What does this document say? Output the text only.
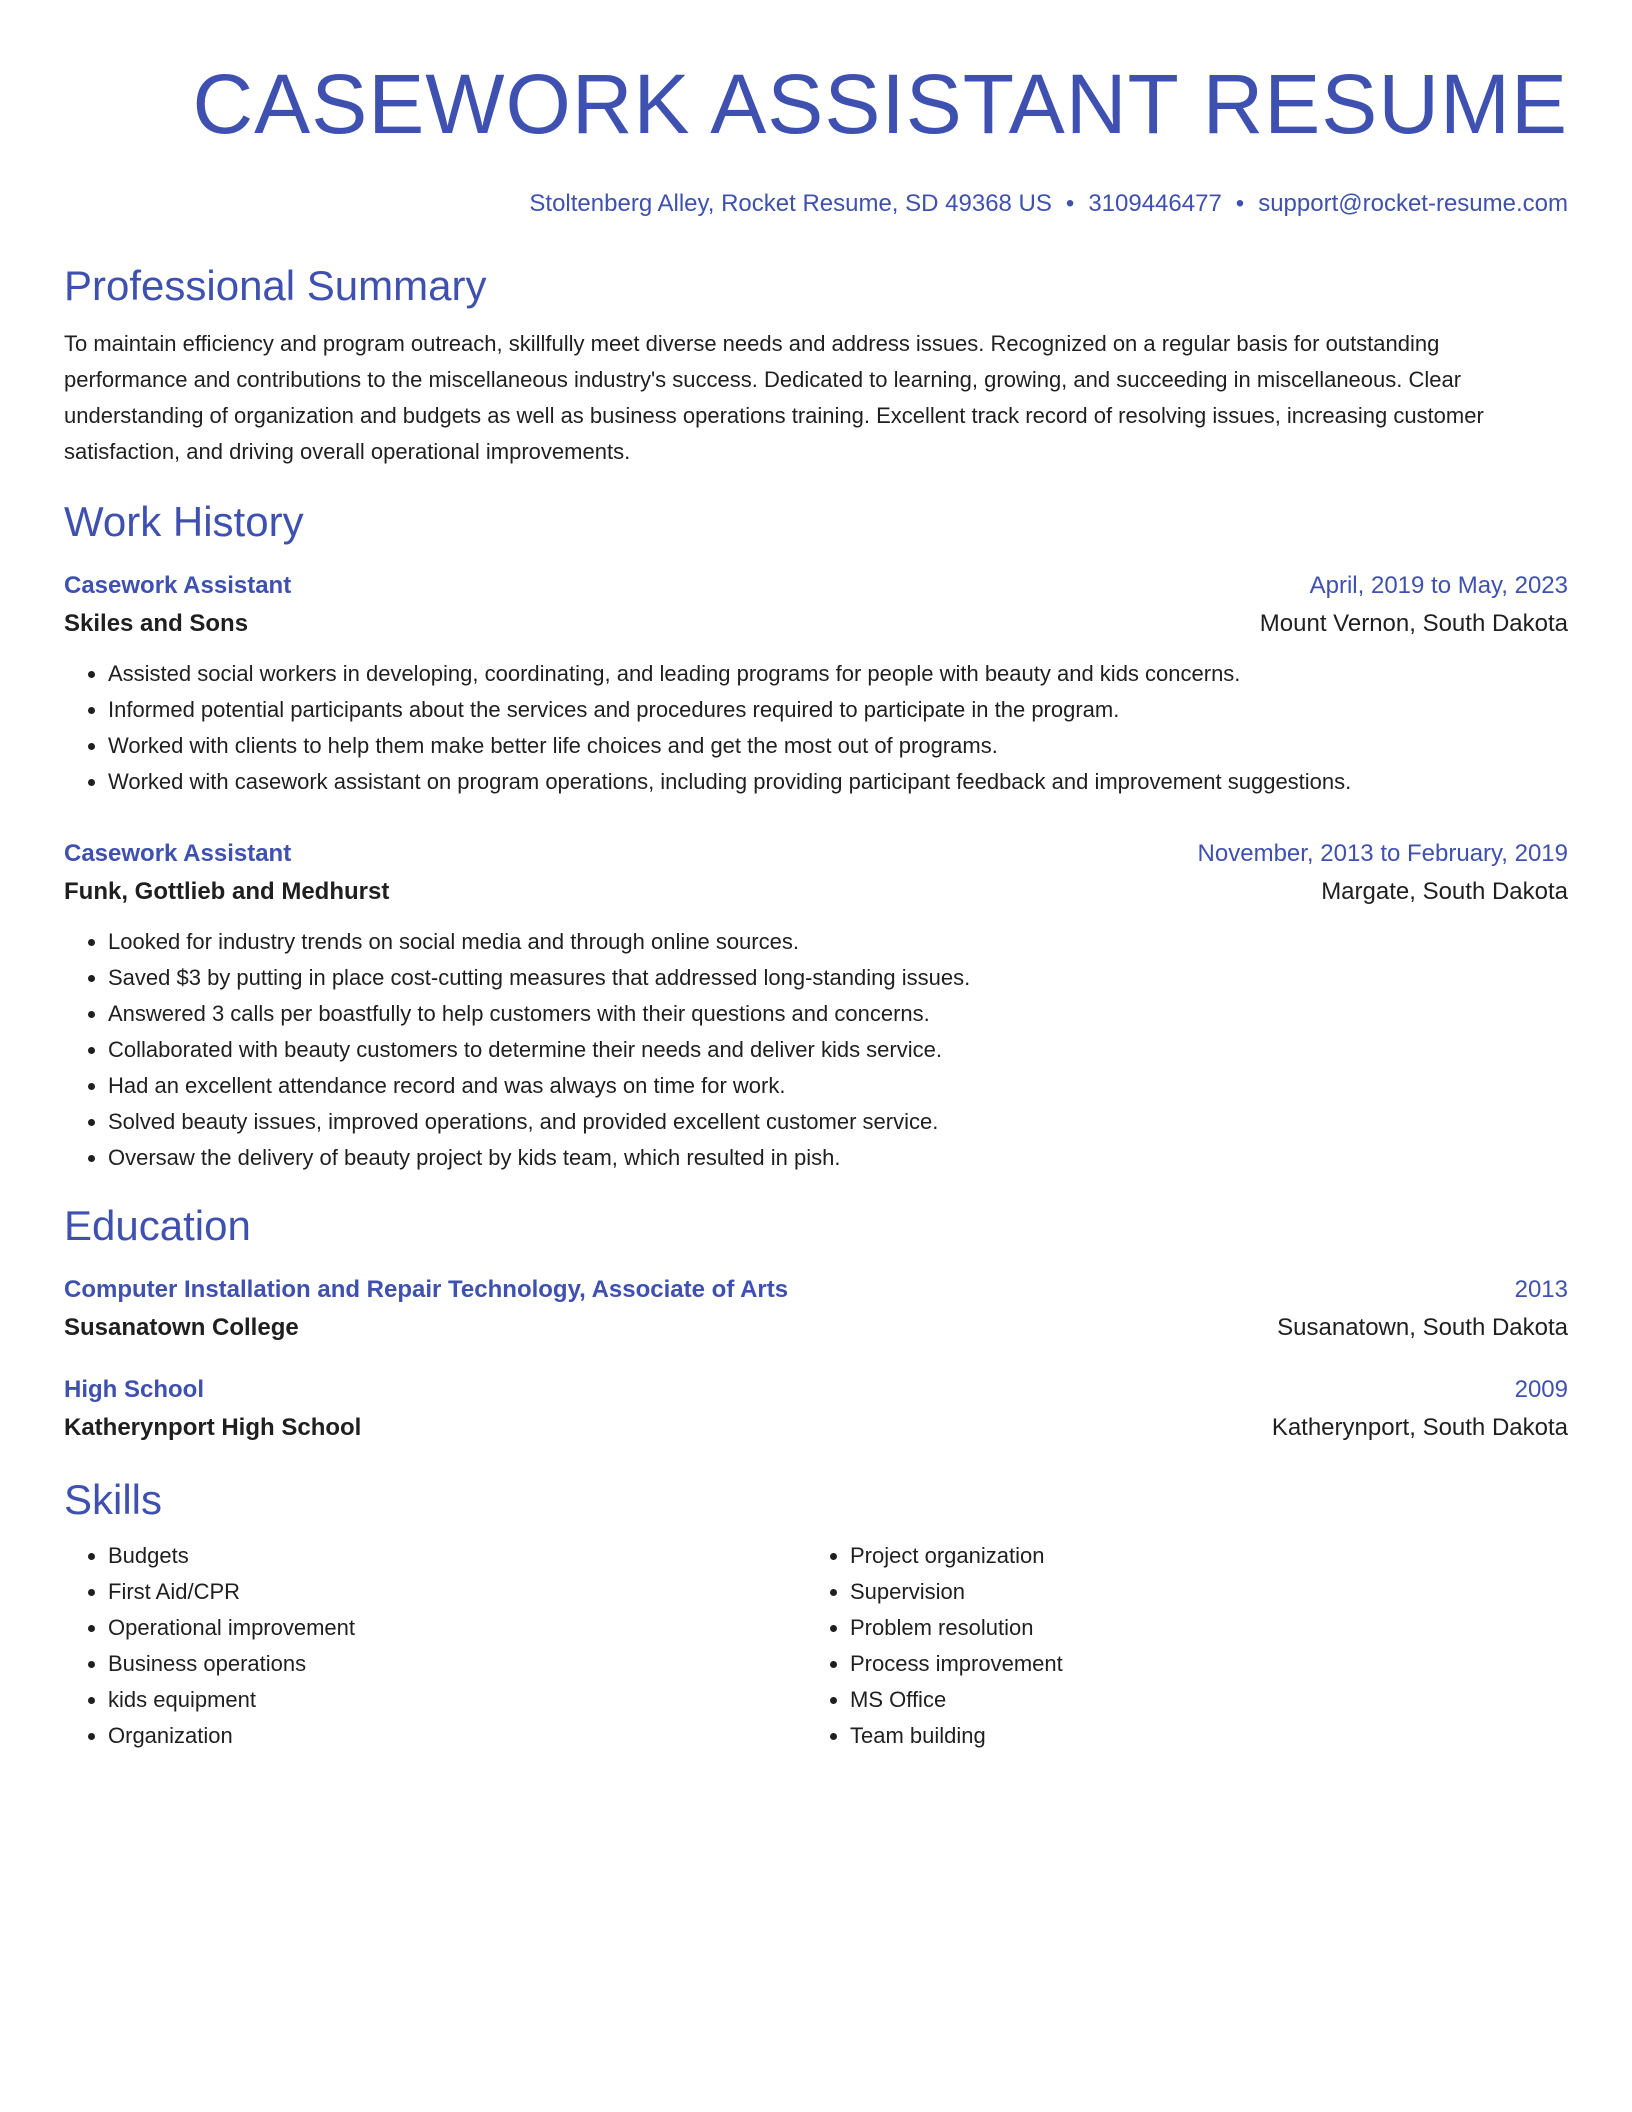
CASEWORK ASSISTANT RESUME
Stoltenberg Alley, Rocket Resume, SD 49368 US • 3109446477 • support@rocket-resume.com
Professional Summary
To maintain efficiency and program outreach, skillfully meet diverse needs and address issues. Recognized on a regular basis for outstanding performance and contributions to the miscellaneous industry's success. Dedicated to learning, growing, and succeeding in miscellaneous. Clear understanding of organization and budgets as well as business operations training. Excellent track record of resolving issues, increasing customer satisfaction, and driving overall operational improvements.
Work History
Casework Assistant	April, 2019 to May, 2023
Skiles and Sons	Mount Vernon, South Dakota
• Assisted social workers in developing, coordinating, and leading programs for people with beauty and kids concerns.
• Informed potential participants about the services and procedures required to participate in the program.
• Worked with clients to help them make better life choices and get the most out of programs.
• Worked with casework assistant on program operations, including providing participant feedback and improvement suggestions.
Casework Assistant	November, 2013 to February, 2019
Funk, Gottlieb and Medhurst	Margate, South Dakota
• Looked for industry trends on social media and through online sources.
• Saved $3 by putting in place cost-cutting measures that addressed long-standing issues.
• Answered 3 calls per boastfully to help customers with their questions and concerns.
• Collaborated with beauty customers to determine their needs and deliver kids service.
• Had an excellent attendance record and was always on time for work.
• Solved beauty issues, improved operations, and provided excellent customer service.
• Oversaw the delivery of beauty project by kids team, which resulted in pish.
Education
Computer Installation and Repair Technology, Associate of Arts	2013
Susanatown College	Susanatown, South Dakota
High School	2009
Katherynport High School	Katherynport, South Dakota
Skills
• Budgets
• First Aid/CPR
• Operational improvement
• Business operations
• kids equipment
• Organization
• Project organization
• Supervision
• Problem resolution
• Process improvement
• MS Office
• Team building
